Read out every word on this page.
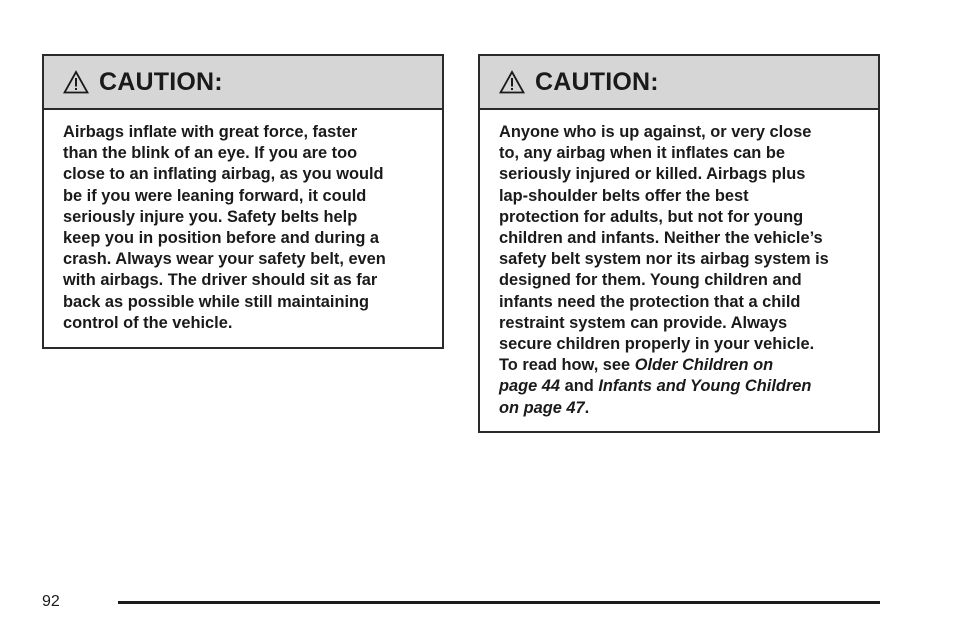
CAUTION:

Airbags inflate with great force, faster

than the blink of an eye. If you are too

close to an inflating airbag, as you would

be if you were leaning forward, it could

seriously injure you. Safety belts help

keep you in position before and during a

crash. Always wear your safety belt, even

with airbags. The driver should sit as far

back as possible while still maintaining

control of the vehicle.

CAUTION:

Anyone who is up against, or very close

to, any airbag when it inflates can be

seriously injured or killed. Airbags plus

lap-shoulder belts offer the best

protection for adults, but not for young

children and infants. Neither the vehicle’s

safety belt system nor its airbag system is

designed for them. Young children and

infants need the protection that a child

restraint system can provide. Always

secure children properly in your vehicle.

To read how, see Older Children on

page 44 and Infants and Young Children

on page 47.

92
